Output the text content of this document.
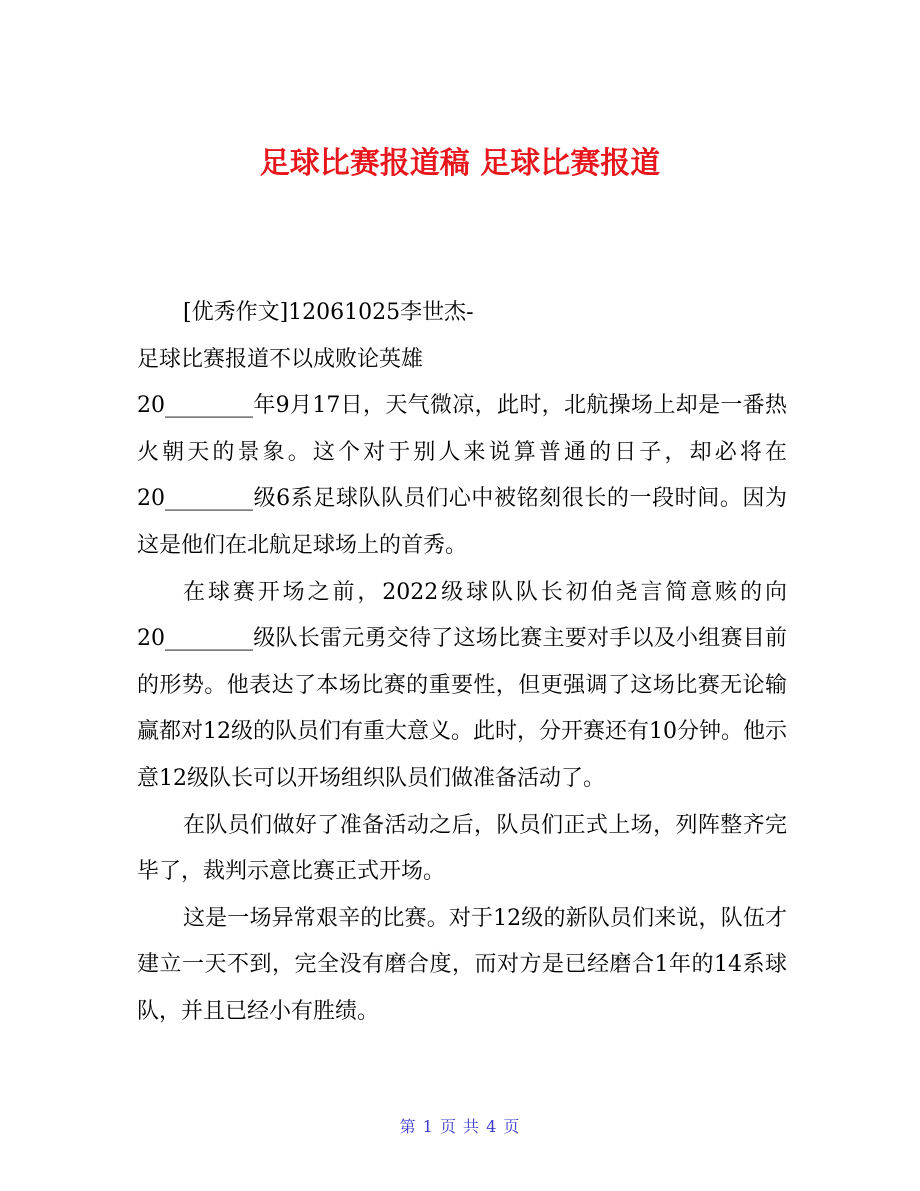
足球比赛报道稿 足球比赛报道

[优秀作文]12061025李世杰-

足球比赛报道不以成败论英雄

20________年9月17日，天气微凉，此时，北航操场上却是一番热火朝天的景象。这个对于别人来说算普通的日子，却必将在20________级6系足球队队员们心中被铭刻很长的一段时间。因为这是他们在北航足球场上的首秀。

在球赛开场之前，2022级球队队长初伯尧言简意赅的向20________级队长雷元勇交待了这场比赛主要对手以及小组赛目前的形势。他表达了本场比赛的重要性，但更强调了这场比赛无论输赢都对12级的队员们有重大意义。此时，分开赛还有10分钟。他示意12级队长可以开场组织队员们做准备活动了。

在队员们做好了准备活动之后，队员们正式上场，列阵整齐完毕了，裁判示意比赛正式开场。

这是一场异常艰辛的比赛。对于12级的新队员们来说，队伍才建立一天不到，完全没有磨合度，而对方是已经磨合1年的14系球队，并且已经小有胜绩。

第 1 页 共 4 页
